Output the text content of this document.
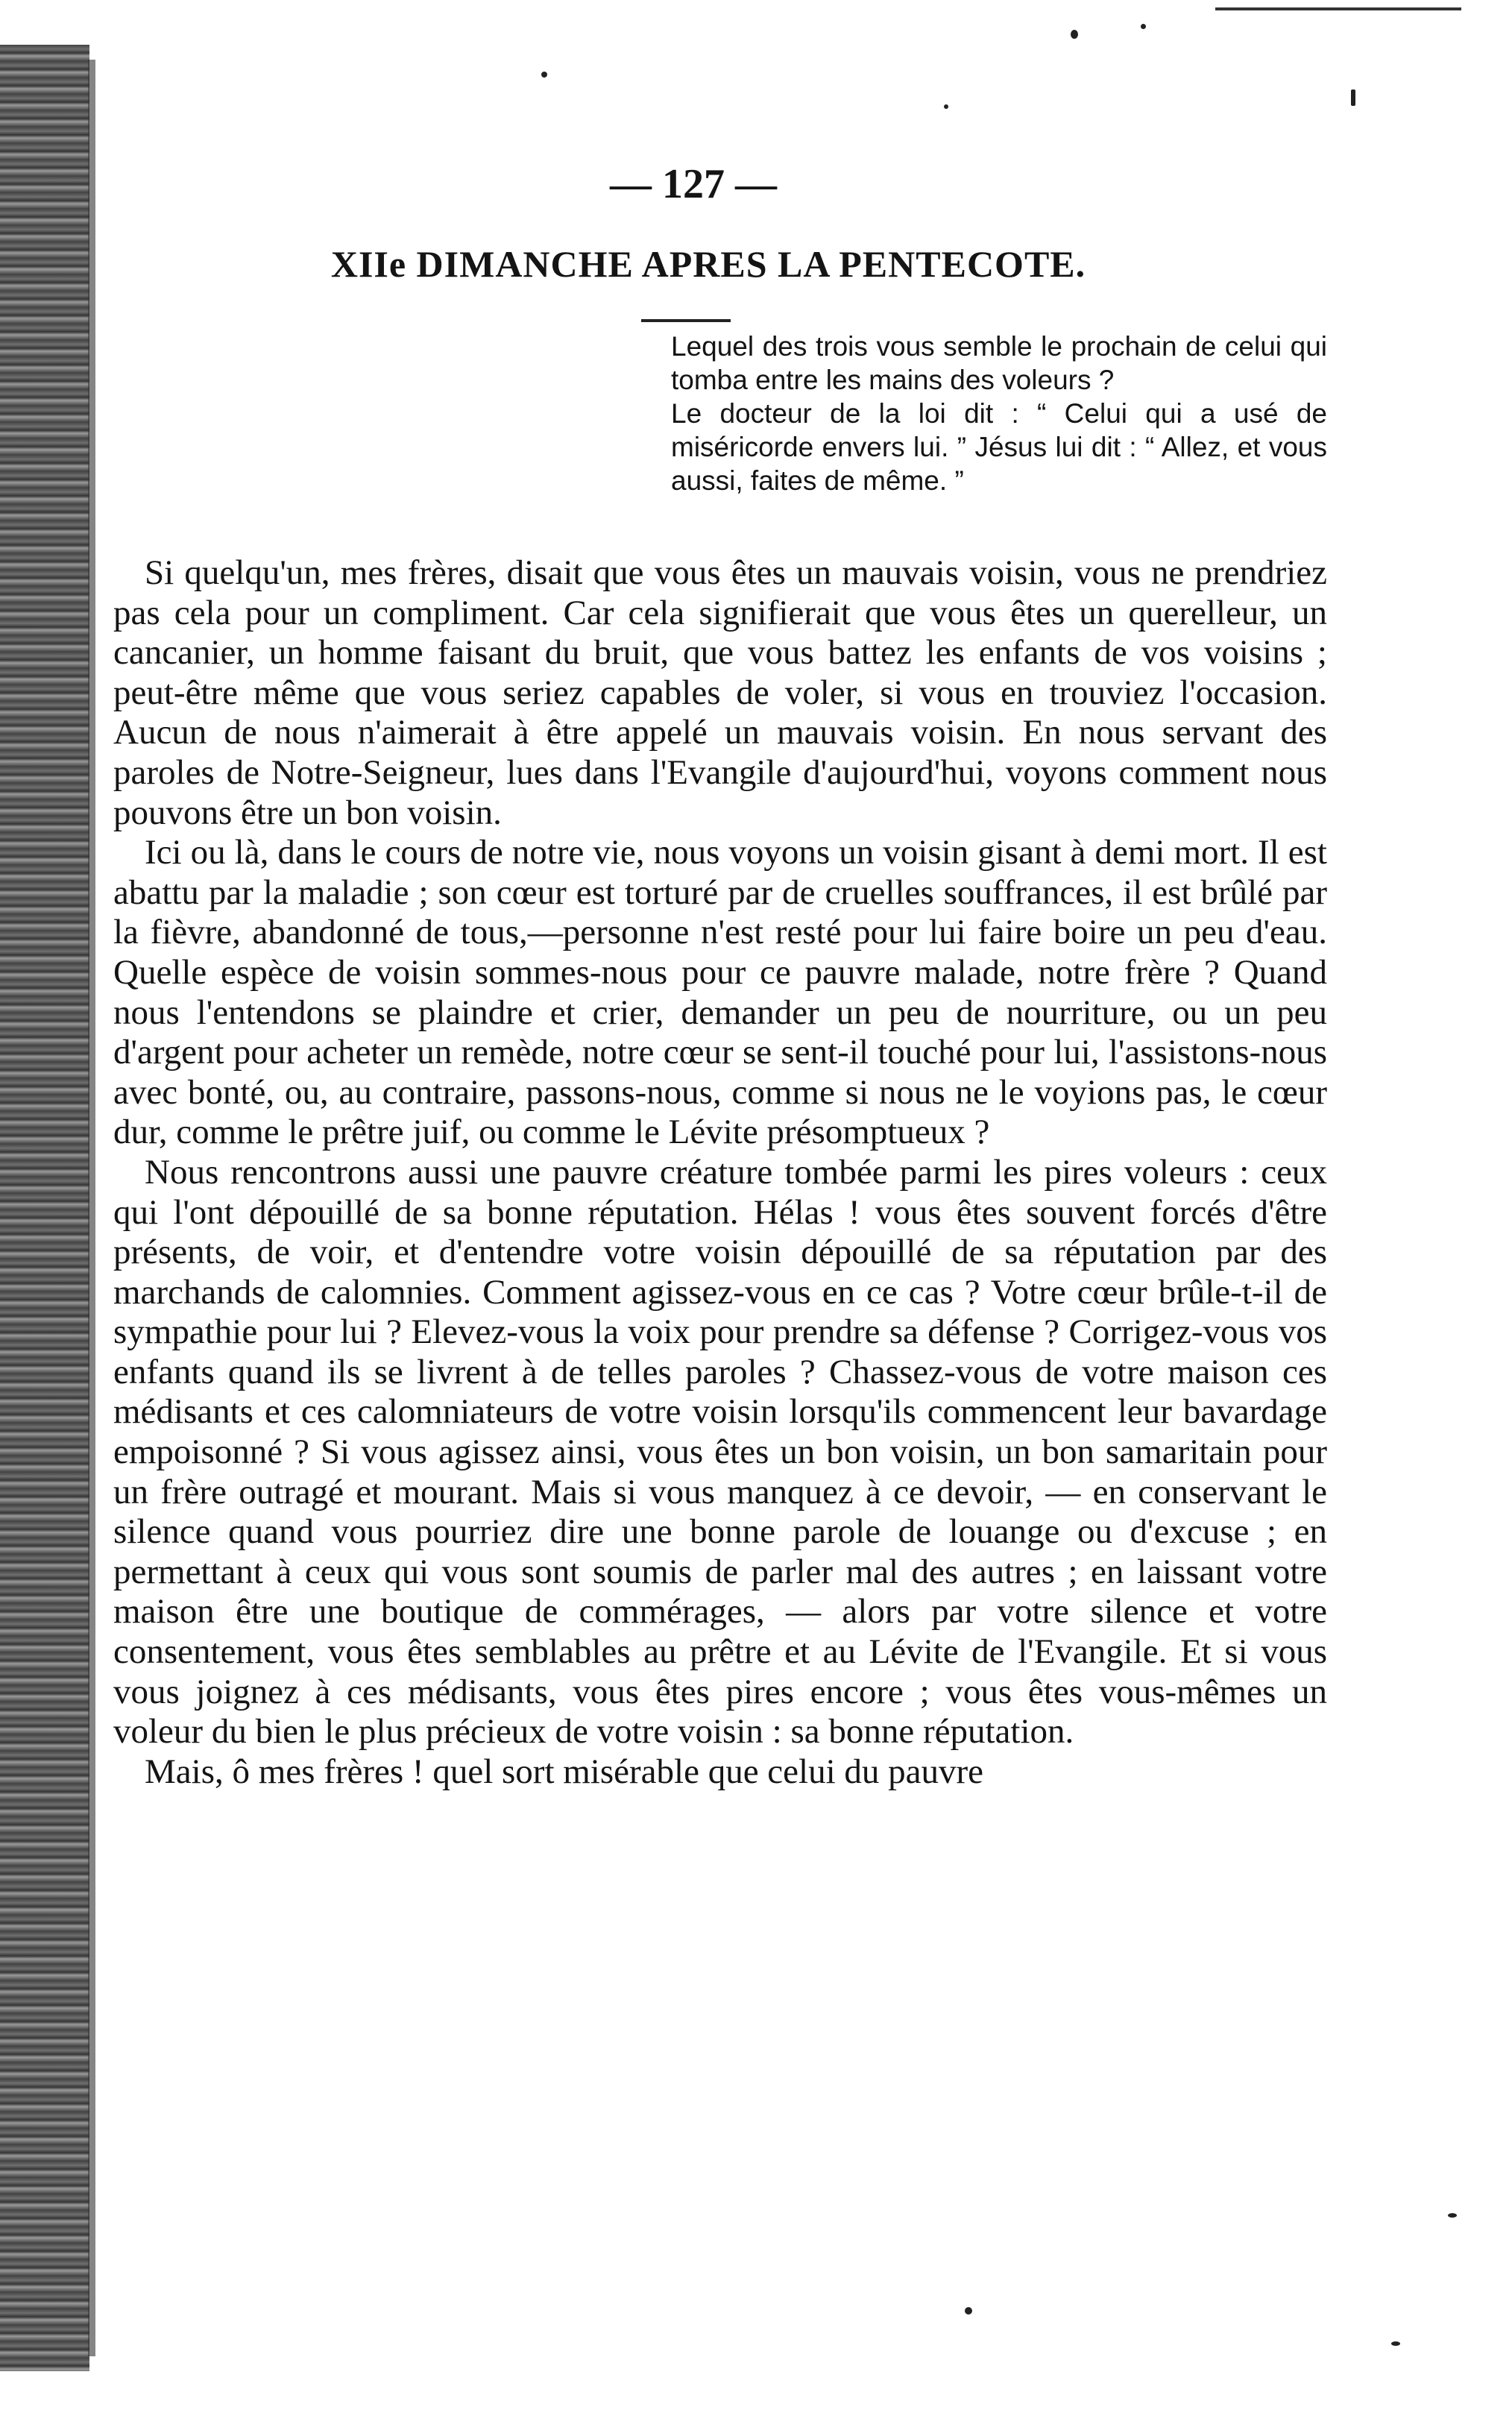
— 127 —
XIIe DIMANCHE APRES LA PENTECOTE.

Lequel des trois vous semble le prochain de celui qui tomba entre les mains des voleurs ?

Le docteur de la loi dit : “ Celui qui a usé de miséricorde envers lui. ” Jésus lui dit : “ Allez, et vous aussi, faites de même. ”

Si quelqu'un, mes frères, disait que vous êtes un mauvais voisin, vous ne prendriez pas cela pour un compliment. Car cela signifierait que vous êtes un querelleur, un cancanier, un homme faisant du bruit, que vous battez les enfants de vos voisins ; peut-être même que vous seriez capables de voler, si vous en trouviez l'occasion. Aucun de nous n'aimerait à être appelé un mauvais voisin. En nous servant des paroles de Notre-Seigneur, lues dans l'Evangile d'aujourd'hui, voyons comment nous pouvons être un bon voisin.

Ici ou là, dans le cours de notre vie, nous voyons un voisin gisant à demi mort. Il est abattu par la maladie ; son cœur est torturé par de cruelles souffrances, il est brûlé par la fièvre, abandonné de tous,—personne n'est resté pour lui faire boire un peu d'eau. Quelle espèce de voisin sommes-nous pour ce pauvre malade, notre frère ? Quand nous l'entendons se plaindre et crier, demander un peu de nourriture, ou un peu d'argent pour acheter un remède, notre cœur se sent-il touché pour lui, l'assistons-nous avec bonté, ou, au contraire, passons-nous, comme si nous ne le voyions pas, le cœur dur, comme le prêtre juif, ou comme le Lévite présomptueux ?

Nous rencontrons aussi une pauvre créature tombée parmi les pires voleurs : ceux qui l'ont dépouillé de sa bonne réputation. Hélas ! vous êtes souvent forcés d'être présents, de voir, et d'entendre votre voisin dépouillé de sa réputation par des marchands de calomnies. Comment agissez-vous en ce cas ? Votre cœur brûle-t-il de sympathie pour lui ? Elevez-vous la voix pour prendre sa défense ? Corrigez-vous vos enfants quand ils se livrent à de telles paroles ? Chassez-vous de votre maison ces médisants et ces calomniateurs de votre voisin lorsqu'ils commencent leur bavardage empoisonné ? Si vous agissez ainsi, vous êtes un bon voisin, un bon samaritain pour un frère outragé et mourant. Mais si vous manquez à ce devoir, — en conservant le silence quand vous pourriez dire une bonne parole de louange ou d'excuse ; en permettant à ceux qui vous sont soumis de parler mal des autres ; en laissant votre maison être une boutique de commérages, — alors par votre silence et votre consentement, vous êtes semblables au prêtre et au Lévite de l'Evangile. Et si vous vous joignez à ces médisants, vous êtes pires encore ; vous êtes vous-mêmes un voleur du bien le plus précieux de votre voisin : sa bonne réputation.

Mais, ô mes frères ! quel sort misérable que celui du pauvre
